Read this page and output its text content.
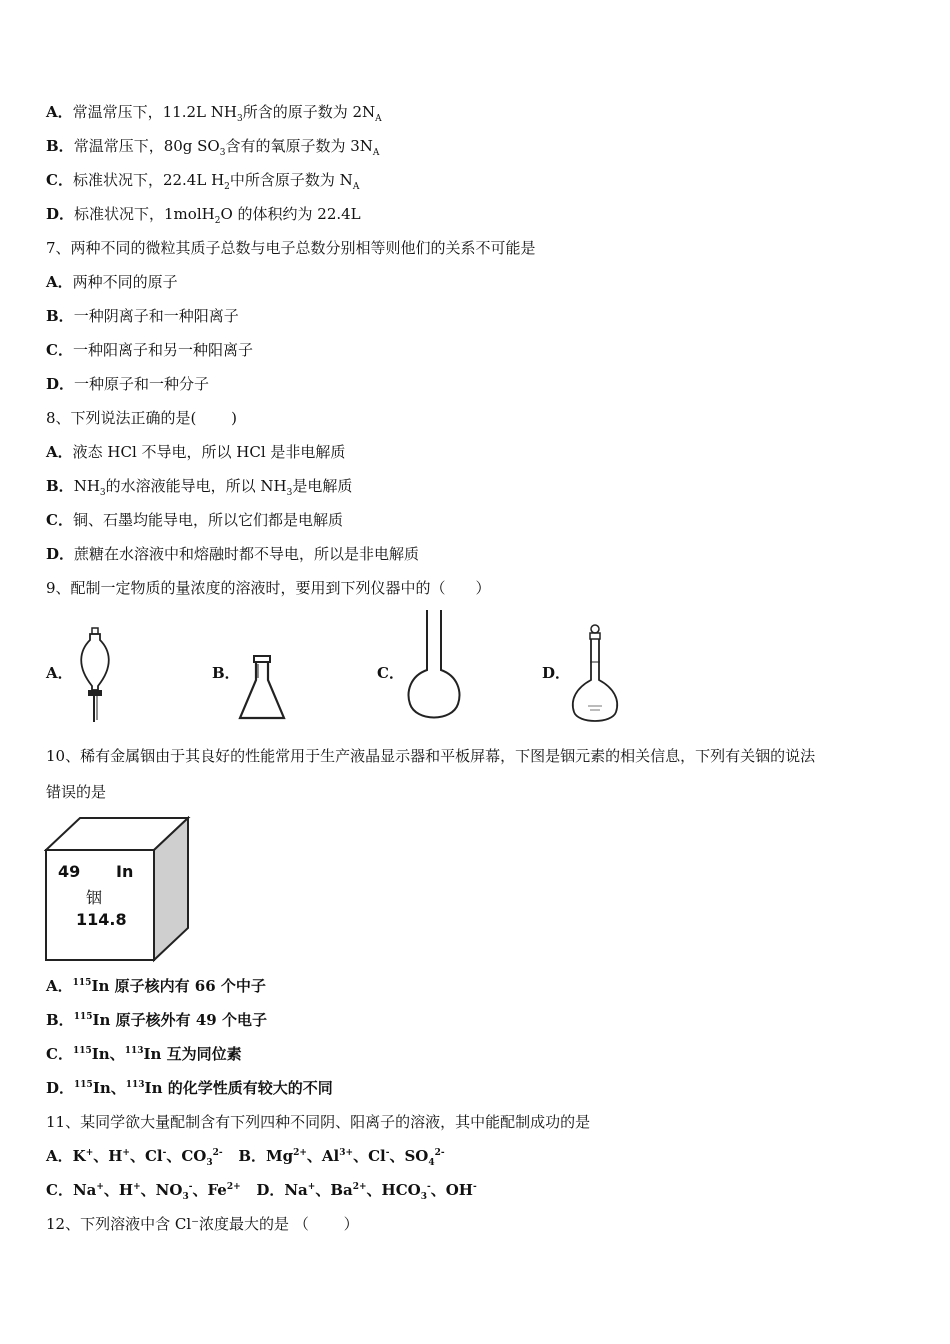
A．常温常压下，11.2L $NH_3$所含的原子数为 $2N_A$
B．常温常压下，80g $SO_3$含有的氧原子数为 $3N_A$
C．标准状况下，22.4L $H_2$中所含原子数为 $N_A$
D．标准状况下，1molH$_2$O 的体积约为 22.4L
7、两种不同的微粒其质子总数与电子总数分别相等则他们的关系不可能是
A．两种不同的原子
B．一种阴离子和一种阳离子
C．一种阳离子和另一种阳离子
D．一种原子和一种分子
8、下列说法正确的是(　　 )
A．液态 HCl 不导电，所以 HCl 是非电解质
B．$NH_3$的水溶液能导电，所以 $NH_3$是电解质
C．铜、石墨均能导电，所以它们都是电解质
D．蔗糖在水溶液中和熔融时都不导电，所以是非电解质
9、配制一定物质的量浓度的溶液时，要用到下列仪器中的（　　）
A．	B．	C．	D．
10、稀有金属铟由于其良好的性能常用于生产液晶显示器和平板屏幕，下图是铟元素的相关信息，下列有关铟的说法
错误的是
49 In
铟
114.8
A．$^{115}$In 原子核内有 66 个中子
B．$^{115}$In 原子核外有 49 个电子
C．$^{115}$In、$^{113}$In 互为同位素
D．$^{115}$In、$^{113}$In 的化学性质有较大的不同
11、某同学欲大量配制含有下列四种不同阴、阳离子的溶液，其中能配制成功的是
A．K+、H+、Cl-、$CO_3^{2-}$ B．$Mg^{2+}$、$Al^{3+}$、Cl-、$SO_4^{2-}$
C．Na+、H+、$NO_3^-$、$Fe^{2+}$ D．Na+、$Ba^{2+}$、$HCO_3^-$、OH-
12、下列溶液中含 Cl⁻浓度最大的是 （　　 ）
